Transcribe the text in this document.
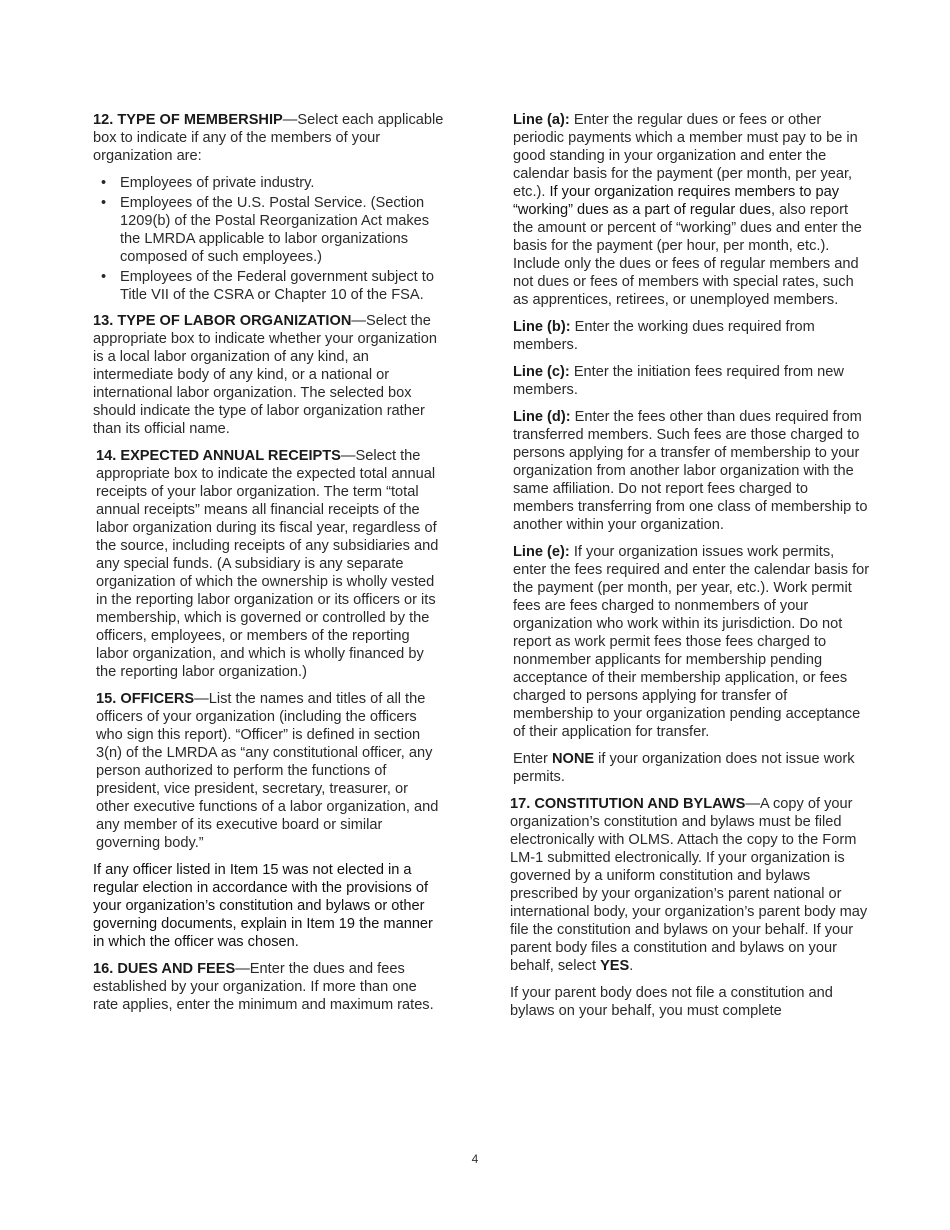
12. TYPE OF MEMBERSHIP—Select each applicable box to indicate if any of the members of your organization are:

• Employees of private industry.
• Employees of the U.S. Postal Service. (Section 1209(b) of the Postal Reorganization Act makes the LMRDA applicable to labor organizations composed of such employees.)
• Employees of the Federal government subject to Title VII of the CSRA or Chapter 10 of the FSA.

13. TYPE OF LABOR ORGANIZATION—Select the appropriate box to indicate whether your organization is a local labor organization of any kind, an intermediate body of any kind, or a national or international labor organization. The selected box should indicate the type of labor organization rather than its official name.

14. EXPECTED ANNUAL RECEIPTS—Select the appropriate box to indicate the expected total annual receipts of your labor organization. The term “total annual receipts” means all financial receipts of the labor organization during its fiscal year, regardless of the source, including receipts of any subsidiaries and any special funds. (A subsidiary is any separate organization of which the ownership is wholly vested in the reporting labor organization or its officers or its membership, which is governed or controlled by the officers, employees, or members of the reporting labor organization, and which is wholly financed by the reporting labor organization.)

15. OFFICERS—List the names and titles of all the officers of your organization (including the officers who sign this report). “Officer” is defined in section 3(n) of the LMRDA as “any constitutional officer, any person authorized to perform the functions of president, vice president, secretary, treasurer, or other executive functions of a labor organization, and any member of its executive board or similar governing body.”

If any officer listed in Item 15 was not elected in a regular election in accordance with the provisions of your organization’s constitution and bylaws or other governing documents, explain in Item 19 the manner in which the officer was chosen.

16. DUES AND FEES—Enter the dues and fees established by your organization. If more than one rate applies, enter the minimum and maximum rates.

Line (a): Enter the regular dues or fees or other periodic payments which a member must pay to be in good standing in your organization and enter the calendar basis for the payment (per month, per year, etc.). If your organization requires members to pay “working” dues as a part of regular dues, also report the amount or percent of “working” dues and enter the basis for the payment (per hour, per month, etc.). Include only the dues or fees of regular members and not dues or fees of members with special rates, such as apprentices, retirees, or unemployed members.

Line (b): Enter the working dues required from members.

Line (c): Enter the initiation fees required from new members.

Line (d): Enter the fees other than dues required from transferred members. Such fees are those charged to persons applying for a transfer of membership to your organization from another labor organization with the same affiliation. Do not report fees charged to members transferring from one class of membership to another within your organization.

Line (e): If your organization issues work permits, enter the fees required and enter the calendar basis for the payment (per month, per year, etc.). Work permit fees are fees charged to nonmembers of your organization who work within its jurisdiction. Do not report as work permit fees those fees charged to nonmember applicants for membership pending acceptance of their membership application, or fees charged to persons applying for transfer of membership to your organization pending acceptance of their application for transfer.

Enter NONE if your organization does not issue work permits.

17. CONSTITUTION AND BYLAWS—A copy of your organization’s constitution and bylaws must be filed electronically with OLMS. Attach the copy to the Form LM-1 submitted electronically. If your organization is governed by a uniform constitution and bylaws prescribed by your organization’s parent national or international body, your organization’s parent body may file the constitution and bylaws on your behalf. If your parent body files a constitution and bylaws on your behalf, select YES.

If your parent body does not file a constitution and bylaws on your behalf, you must complete

4
